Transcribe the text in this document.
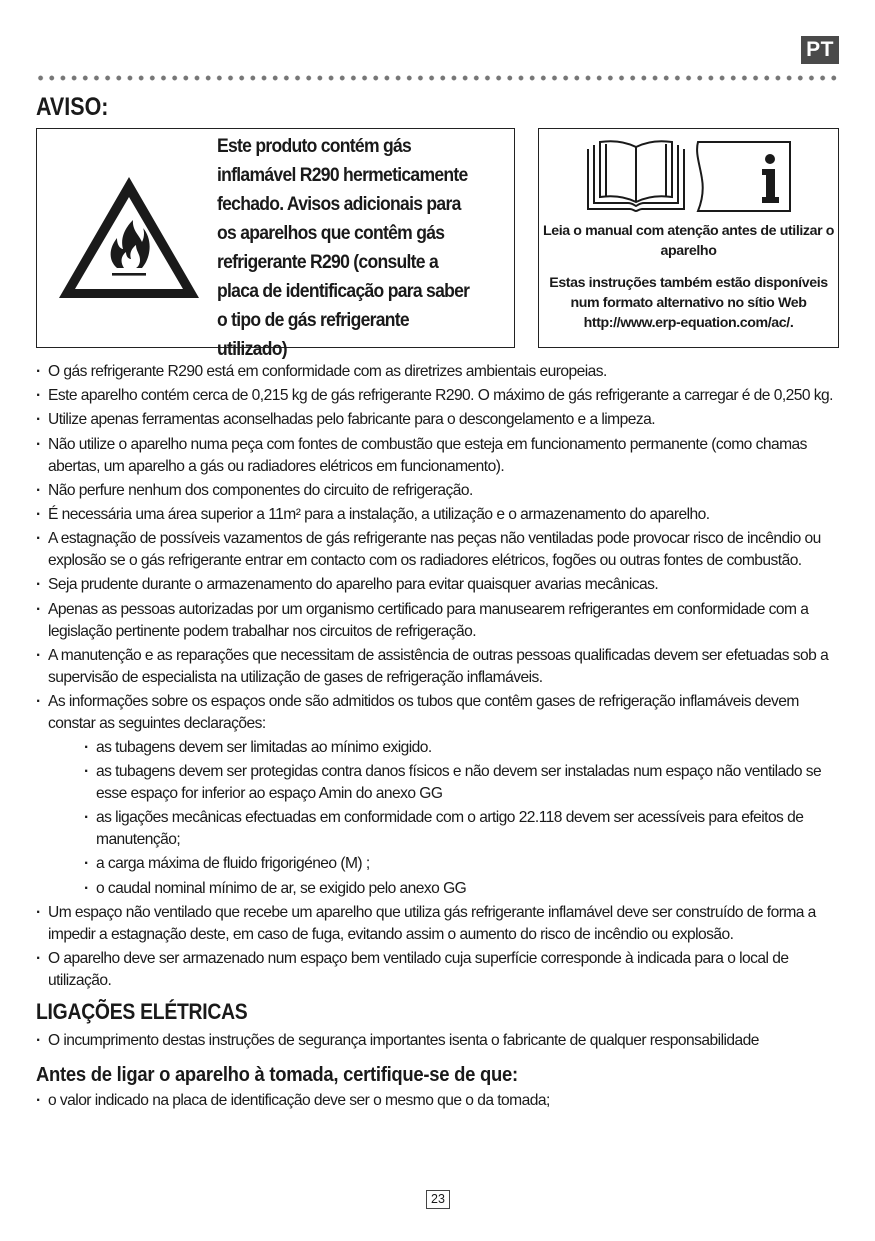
PT
AVISO:
Este produto contém gás inflamável R290 hermeticamente fechado. Avisos adicionais para os aparelhos que contêm gás refrigerante R290 (consulte a placa de identificação para saber o tipo de gás refrigerante utilizado)
Leia o manual com atenção antes de utilizar o aparelho
Estas instruções também estão disponíveis num formato alternativo no sítio Web http://www.erp-equation.com/ac/.
· O gás refrigerante R290 está em conformidade com as diretrizes ambientais europeias.
· Este aparelho contém cerca de 0,215 kg de gás refrigerante R290. O máximo de gás refrigerante a carregar é de 0,250 kg.
· Utilize apenas ferramentas aconselhadas pelo fabricante para o descongelamento e a limpeza.
· Não utilize o aparelho numa peça com fontes de combustão que esteja em funcionamento permanente (como chamas abertas, um aparelho a gás ou radiadores elétricos em funcionamento).
· Não perfure nenhum dos componentes do circuito de refrigeração.
· É necessária uma área superior a 11m² para a instalação, a utilização e o armazenamento do aparelho.
· A estagnação de possíveis vazamentos de gás refrigerante nas peças não ventiladas pode provocar risco de incêndio ou explosão se o gás refrigerante entrar em contacto com os radiadores elétricos, fogões ou outras fontes de combustão.
· Seja prudente durante o armazenamento do aparelho para evitar quaisquer avarias mecânicas.
· Apenas as pessoas autorizadas por um organismo certificado para manusearem refrigerantes em conformidade com a legislação pertinente podem trabalhar nos circuitos de refrigeração.
· A manutenção e as reparações que necessitam de assistência de outras pessoas qualificadas devem ser efetuadas sob a supervisão de especialista na utilização de gases de refrigeração inflamáveis.
· As informações sobre os espaços onde são admitidos os tubos que contêm gases de refrigeração inflamáveis devem constar as seguintes declarações:
· as tubagens devem ser limitadas ao mínimo exigido.
· as tubagens devem ser protegidas contra danos físicos e não devem ser instaladas num espaço não ventilado se esse espaço for inferior ao espaço Amin do anexo GG
· as ligações mecânicas efectuadas em conformidade com o artigo 22.118 devem ser acessíveis para efeitos de manutenção;
· a carga máxima de fluido frigorigéneo (M) ;
· o caudal nominal mínimo de ar, se exigido pelo anexo GG
· Um espaço não ventilado que recebe um aparelho que utiliza gás refrigerante inflamável deve ser construído de forma a impedir a estagnação deste, em caso de fuga, evitando assim o aumento do risco de incêndio ou explosão.
· O aparelho deve ser armazenado num espaço bem ventilado cuja superfície corresponde à indicada para o local de utilização.
LIGAÇÕES ELÉTRICAS
· O incumprimento destas instruções de segurança importantes isenta o fabricante de qualquer responsabilidade
Antes de ligar o aparelho à tomada, certifique-se de que:
· o valor indicado na placa de identificação deve ser o mesmo que o da tomada;
23
